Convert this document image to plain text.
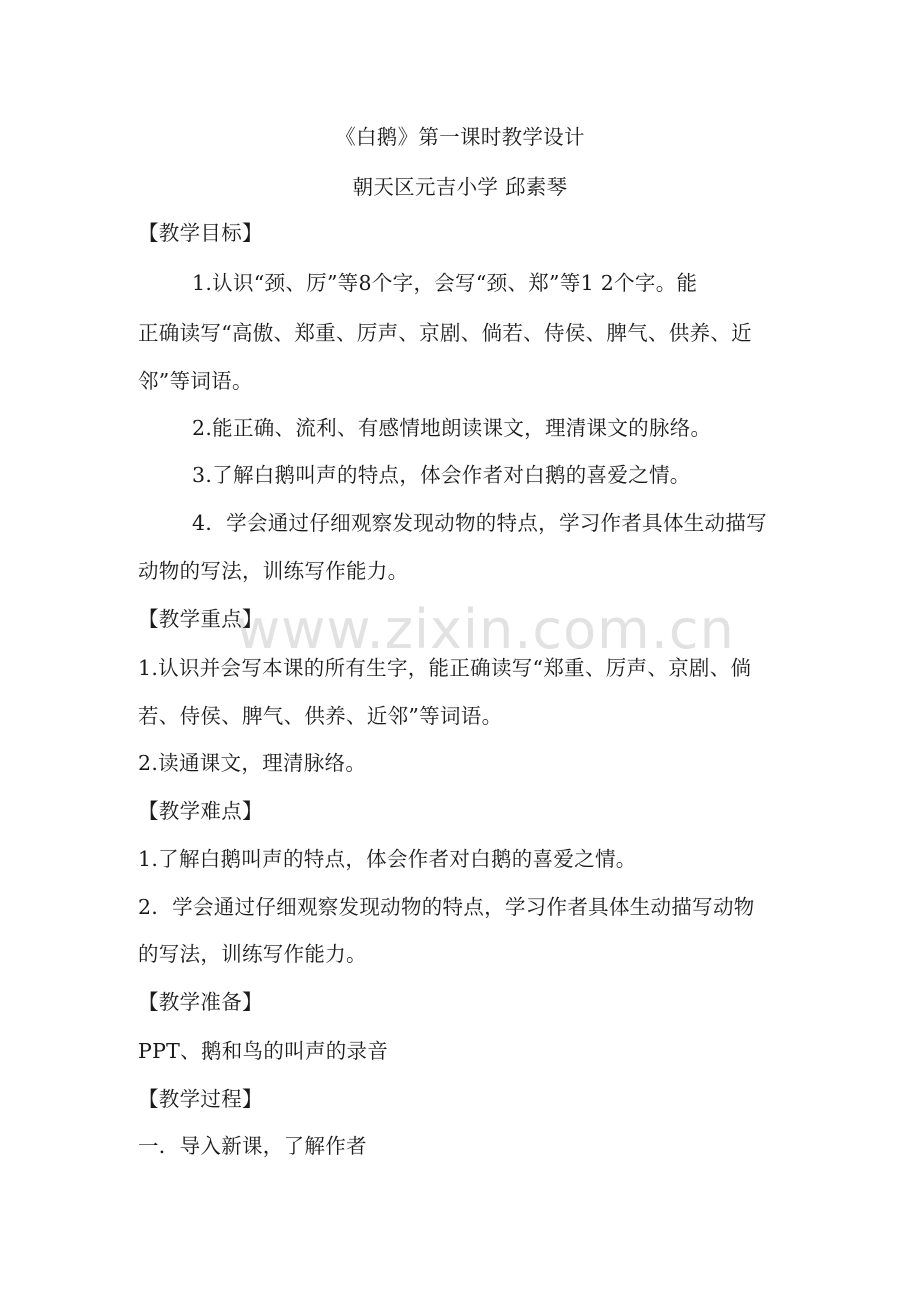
《白鹅》第一课时教学设计
朝天区元吉小学 邱素琴
【教学目标】
1.认识“颈、厉”等8个字，会写“颈、郑”等1 2个字。能
正确读写“高傲、郑重、厉声、京剧、倘若、侍侯、脾气、供养、近
邻”等词语。
2.能正确、流利、有感情地朗读课文，理清课文的脉络。
3.了解白鹅叫声的特点，体会作者对白鹅的喜爱之情。
4．学会通过仔细观察发现动物的特点，学习作者具体生动描写
动物的写法，训练写作能力。
【教学重点】
1.认识并会写本课的所有生字，能正确读写“郑重、厉声、京剧、倘
若、侍侯、脾气、供养、近邻”等词语。
2.读通课文，理清脉络。
【教学难点】
1.了解白鹅叫声的特点，体会作者对白鹅的喜爱之情。
2．学会通过仔细观察发现动物的特点，学习作者具体生动描写动物
的写法，训练写作能力。
【教学准备】
PPT、鹅和鸟的叫声的录音
【教学过程】
一．导入新课，了解作者
www.zixin.com.cn
